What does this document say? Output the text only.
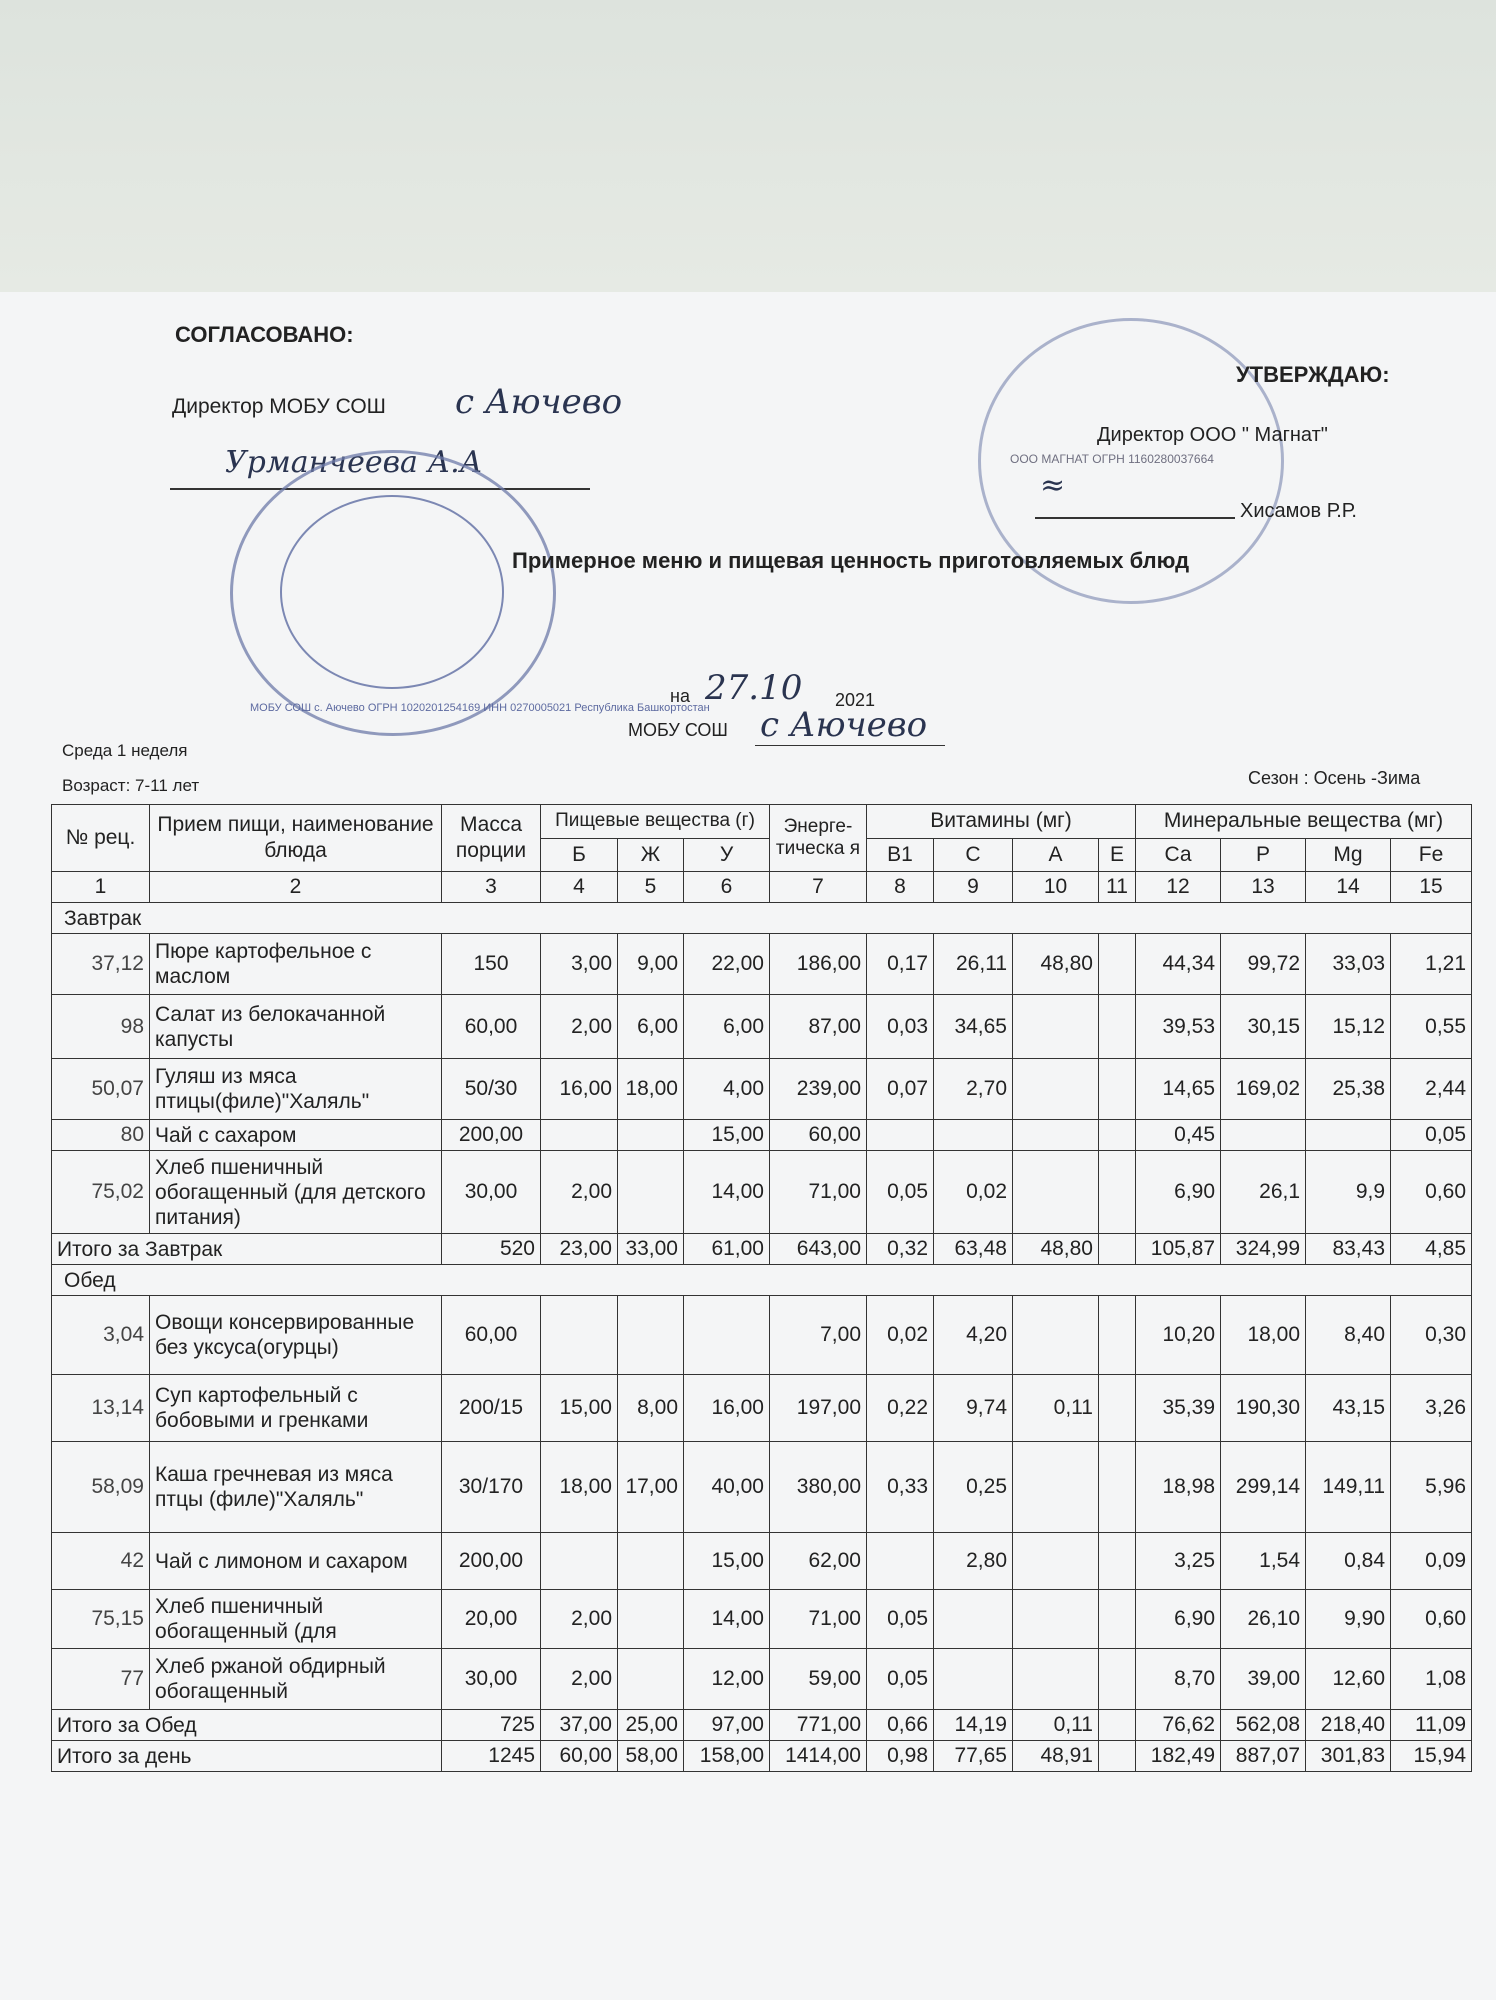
СОГЛАСОВАНО:
Директор МОБУ СОШ с Аючево
Урманчеева А.А
МОБУ СОШ с. Аючево ОГРН 1020201254169 ИНН 0270005021 Республика Башкортостан
ООО МАГНАТ ОГРН 1160280037664
УТВЕРЖДАЮ:
Директор ООО " Магнат"
≈
Хисамов Р.Р.
Примерное меню и пищевая ценность приготовляемых блюд
на 27.10 2021
МОБУ СОШ с Аючево
Среда 1 неделя
Возраст: 7-11 лет	Сезон : Осень -Зима
№ рец.	Прием пищи, наименование блюда	Масса порции	Пищевые вещества (г)			Энерге-тическа я	Витамины (мг)				Минеральные вещества (мг)			
			Б	Ж	У		В1	С	А	Е	Са	Р	Mg	Fe
1	2	3	4	5	6	7	8	9	10	11	12	13	14	15
Завтрак														
37,12	Пюре картофельное с маслом	150	3,00	9,00	22,00	186,00	0,17	26,11	48,80		44,34	99,72	33,03	1,21
98	Салат из белокачанной капусты	60,00	2,00	6,00	6,00	87,00	0,03	34,65			39,53	30,15	15,12	0,55
50,07	Гуляш из мяса птицы(филе)"Халяль"	50/30	16,00	18,00	4,00	239,00	0,07	2,70			14,65	169,02	25,38	2,44
80	Чай с сахаром	200,00			15,00	60,00					0,45			0,05
75,02	Хлеб пшеничный обогащенный (для детского питания)	30,00	2,00		14,00	71,00	0,05	0,02			6,90	26,1	9,9	0,60
Итого за Завтрак		520	23,00	33,00	61,00	643,00	0,32	63,48	48,80		105,87	324,99	83,43	4,85
Обед														
3,04	Овощи консервированные без уксуса(огурцы)	60,00				7,00	0,02	4,20			10,20	18,00	8,40	0,30
13,14	Суп картофельный с бобовыми и гренками	200/15	15,00	8,00	16,00	197,00	0,22	9,74	0,11		35,39	190,30	43,15	3,26
58,09	Каша гречневая из мяса птцы (филе)"Халяль"	30/170	18,00	17,00	40,00	380,00	0,33	0,25			18,98	299,14	149,11	5,96
42	Чай с лимоном и сахаром	200,00			15,00	62,00		2,80			3,25	1,54	0,84	0,09
75,15	Хлеб пшеничный обогащенный (для	20,00	2,00		14,00	71,00	0,05				6,90	26,10	9,90	0,60
77	Хлеб ржаной обдирный обогащенный	30,00	2,00		12,00	59,00	0,05				8,70	39,00	12,60	1,08
Итого за Обед		725	37,00	25,00	97,00	771,00	0,66	14,19	0,11		76,62	562,08	218,40	11,09
Итого за день		1245	60,00	58,00	158,00	1414,00	0,98	77,65	48,91		182,49	887,07	301,83	15,94
